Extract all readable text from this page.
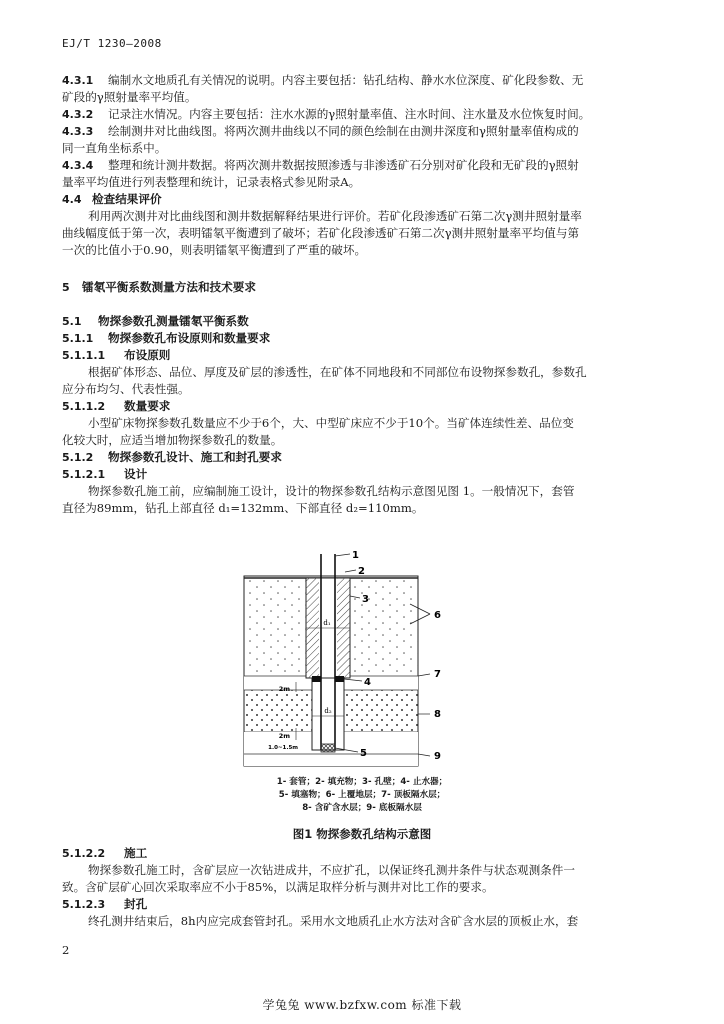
EJ/T 1230—2008
4.3.1 编制水文地质孔有关情况的说明。内容主要包括：钻孔结构、静水水位深度、矿化段参数、无
矿段的γ照射量率平均值。
4.3.2 记录注水情况。内容主要包括：注水水源的γ照射量率值、注水时间、注水量及水位恢复时间。
4.3.3 绘制测井对比曲线图。将两次测井曲线以不同的颜色绘制在由测井深度和γ照射量率值构成的
同一直角坐标系中。
4.3.4 整理和统计测井数据。将两次测井数据按照渗透与非渗透矿石分别对矿化段和无矿段的γ照射
量率平均值进行列表整理和统计，记录表格式参见附录A。
4.4 检查结果评价
利用两次测井对比曲线图和测井数据解释结果进行评价。若矿化段渗透矿石第二次γ测井照射量率
曲线幅度低于第一次，表明镭氡平衡遭到了破坏；若矿化段渗透矿石第二次γ测井照射量率平均值与第
一次的比值小于0.90，则表明镭氡平衡遭到了严重的破坏。
5 镭氡平衡系数测量方法和技术要求
5.1 物探参数孔测量镭氡平衡系数
5.1.1 物探参数孔布设原则和数量要求
5.1.1.1 布设原则
根据矿体形态、品位、厚度及矿层的渗透性，在矿体不同地段和不同部位布设物探参数孔，参数孔
应分布均匀、代表性强。
5.1.1.2 数量要求
小型矿床物探参数孔数量应不少于6个，大、中型矿床应不少于10个。当矿体连续性差、品位变
化较大时，应适当增加物探参数孔的数量。
5.1.2 物探参数孔设计、施工和封孔要求
5.1.2.1 设计
物探参数孔施工前，应编制施工设计，设计的物探参数孔结构示意图见图 1。一般情况下，套管
直径为89mm，钻孔上部直径 d₁=132mm、下部直径 d₂=110mm。
d₁
d₂
2m
2m
1.0~1.5m
1
2
3
4
5
6
7
8
9
1- 套管；2- 填充物；3- 孔壁；4- 止水器；
5- 填塞物；6- 上覆地层；7- 顶板隔水层；
8- 含矿含水层；9- 底板隔水层
图1 物探参数孔结构示意图
5.1.2.2 施工
物探参数孔施工时，含矿层应一次钻进成井，不应扩孔，以保证终孔测井条件与状态观测条件一
致。含矿层矿心回次采取率应不小于85%，以满足取样分析与测井对比工作的要求。
5.1.2.3 封孔
终孔测井结束后，8h内应完成套管封孔。采用水文地质孔止水方法对含矿含水层的顶板止水，套
2
学兔兔 www.bzfxw.com 标准下载
